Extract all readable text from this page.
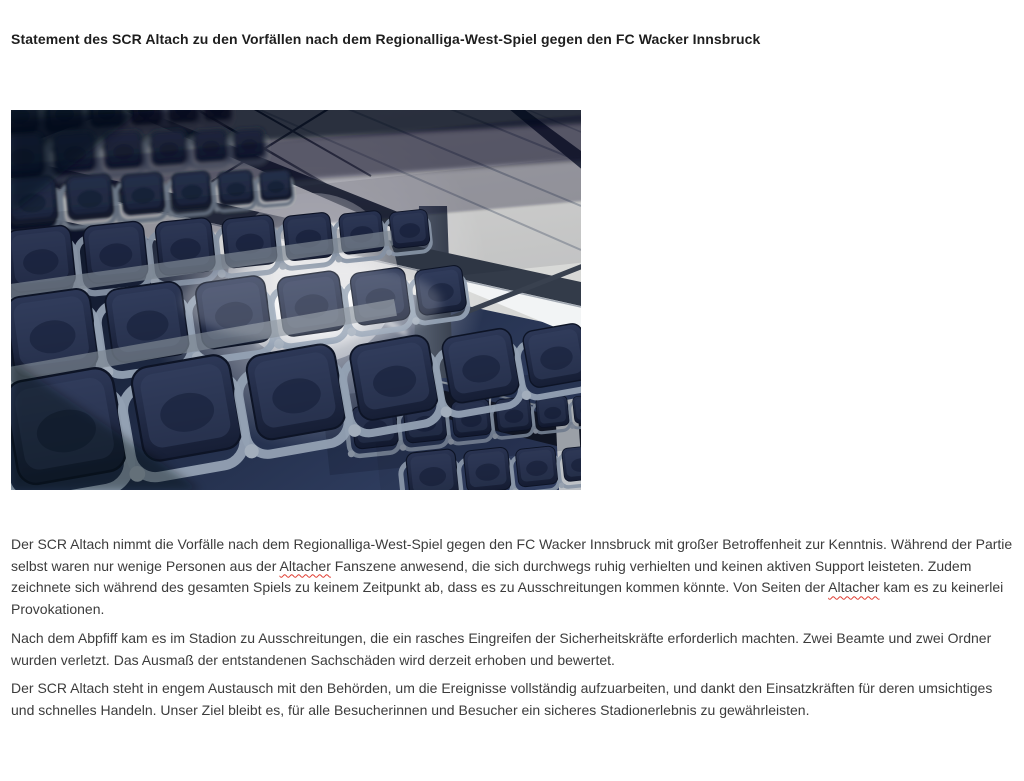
Statement des SCR Altach zu den Vorfällen nach dem Regionalliga-West-Spiel gegen den FC Wacker Innsbruck

Der SCR Altach nimmt die Vorfälle nach dem Regionalliga-West-Spiel gegen den FC Wacker Innsbruck mit großer Betroffenheit zur Kenntnis. Während der Partie selbst waren nur wenige Personen aus der Altacher Fanszene anwesend, die sich durchwegs ruhig verhielten und keinen aktiven Support leisteten. Zudem zeichnete sich während des gesamten Spiels zu keinem Zeitpunkt ab, dass es zu Ausschreitungen kommen könnte. Von Seiten der Altacher kam es zu keinerlei Provokationen.

Nach dem Abpfiff kam es im Stadion zu Ausschreitungen, die ein rasches Eingreifen der Sicherheitskräfte erforderlich machten. Zwei Beamte und zwei Ordner wurden verletzt. Das Ausmaß der entstandenen Sachschäden wird derzeit erhoben und bewertet.

Der SCR Altach steht in engem Austausch mit den Behörden, um die Ereignisse vollständig aufzuarbeiten, und dankt den Einsatzkräften für deren umsichtiges und schnelles Handeln. Unser Ziel bleibt es, für alle Besucherinnen und Besucher ein sicheres Stadionerlebnis zu gewährleisten.
